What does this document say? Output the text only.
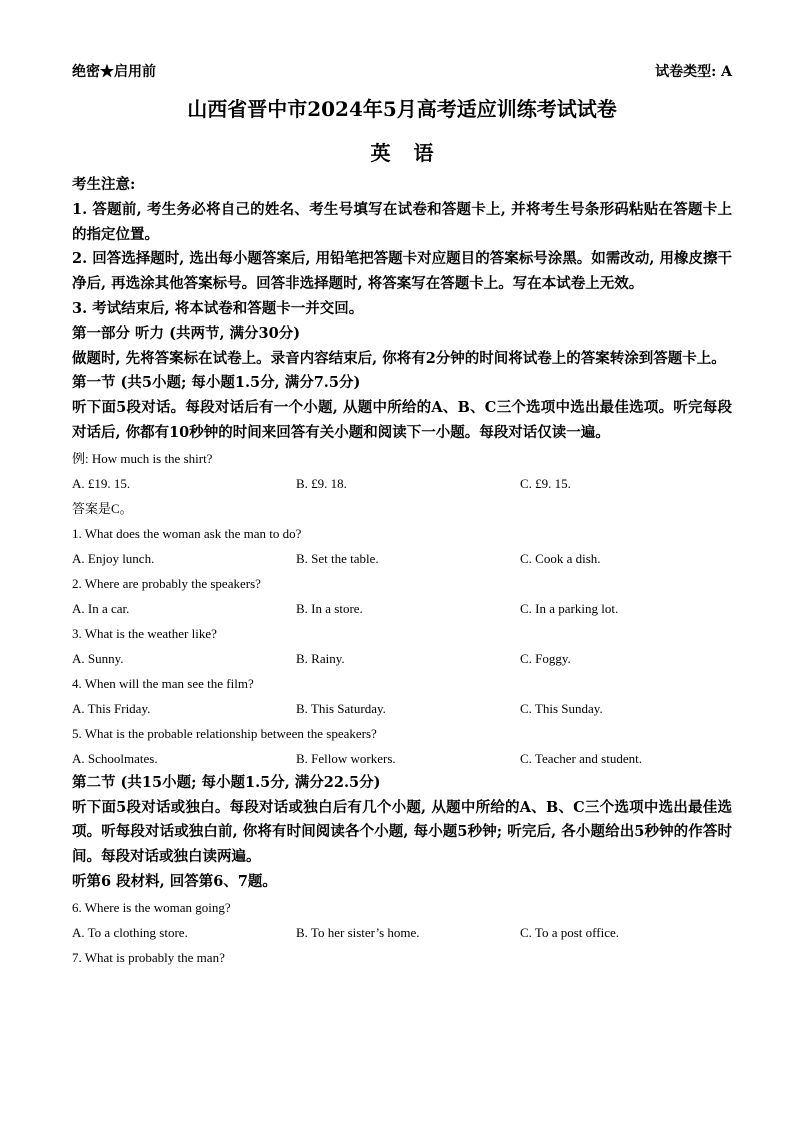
绝密★启用前	试卷类型: A
山西省晋中市2024年5月高考适应训练考试试卷
英 语

考生注意:

1. 答题前, 考生务必将自己的姓名、考生号填写在试卷和答题卡上, 并将考生号条形码粘贴在答题卡上的指定位置。

2. 回答选择题时, 选出每小题答案后, 用铅笔把答题卡对应题目的答案标号涂黑。如需改动, 用橡皮擦干净后, 再选涂其他答案标号。回答非选择题时, 将答案写在答题卡上。写在本试卷上无效。

3. 考试结束后, 将本试卷和答题卡一并交回。

第一部分 听力 (共两节, 满分30分)

做题时, 先将答案标在试卷上。录音内容结束后, 你将有2分钟的时间将试卷上的答案转涂到答题卡上。

第一节 (共5小题; 每小题1.5分, 满分7.5分)

听下面5段对话。每段对话后有一个小题, 从题中所给的A、B、C三个选项中选出最佳选项。听完每段对话后, 你都有10秒钟的时间来回答有关小题和阅读下一小题。每段对话仅读一遍。

例: How much is the shirt?

A. £19. 15.	B. £9. 18.	C. £9. 15.

答案是C。

1. What does the woman ask the man to do?

A. Enjoy lunch.	B. Set the table.	C. Cook a dish.

2. Where are probably the speakers?

A. In a car.	B. In a store.	C. In a parking lot.

3. What is the weather like?

A. Sunny.	B. Rainy.	C. Foggy.

4. When will the man see the film?

A. This Friday.	B. This Saturday.	C. This Sunday.

5. What is the probable relationship between the speakers?

A. Schoolmates.	B. Fellow workers.	C. Teacher and student.

第二节 (共15小题; 每小题1.5分, 满分22.5分)

听下面5段对话或独白。每段对话或独白后有几个小题, 从题中所给的A、B、C三个选项中选出最佳选项。听每段对话或独白前, 你将有时间阅读各个小题, 每小题5秒钟; 听完后, 各小题给出5秒钟的作答时间。每段对话或独白读两遍。

听第6 段材料, 回答第6、7题。

6. Where is the woman going?

A. To a clothing store.	B. To her sister’s home.	C. To a post office.

7. What is probably the man?
